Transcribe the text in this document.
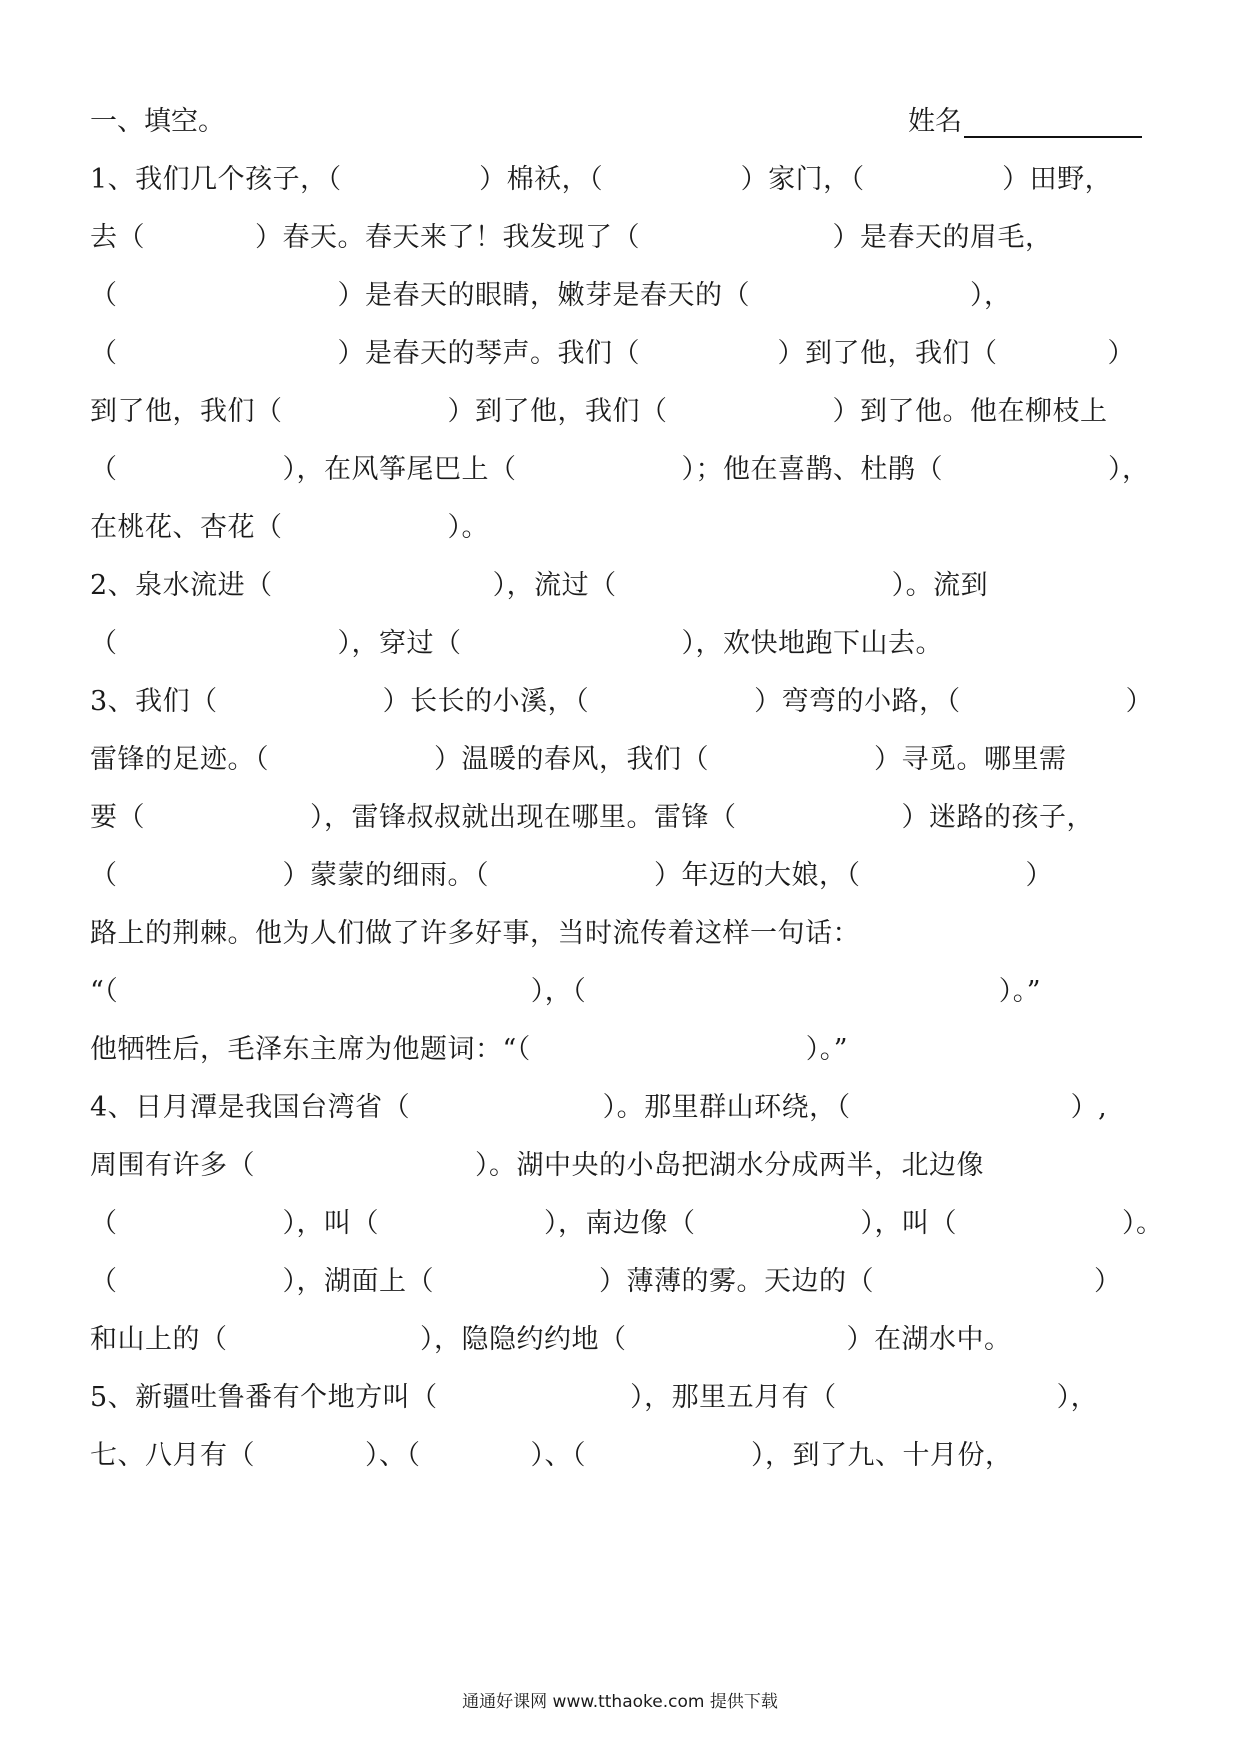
一、填空。	姓名
1、我们几个孩子，（　　　　　）棉袄，（　　　　　）家门，（　　　　　）田野，
去（　　　　）春天。春天来了！我发现了（　　　　　　　）是春天的眉毛，
（　　　　　　　　）是春天的眼睛，嫩芽是春天的（　　　　　　　　），
（　　　　　　　　）是春天的琴声。我们（　　　　　）到了他，我们（　　　　）
到了他，我们（　　　　　　）到了他，我们（　　　　　　）到了他。他在柳枝上
（　　　　　　），在风筝尾巴上（　　　　　　）；他在喜鹊、杜鹃（　　　　　　），
在桃花、杏花（　　　　　　）。
2、泉水流进（　　　　　　　　），流过（　　　　　　　　　　）。流到
（　　　　　　　　），穿过（　　　　　　　　），欢快地跑下山去。
3、我们（　　　　　　）长长的小溪，（　　　　　　）弯弯的小路，（　　　　　　）
雷锋的足迹。（　　　　　　）温暖的春风，我们（　　　　　　）寻觅。哪里需
要（　　　　　　），雷锋叔叔就出现在哪里。雷锋（　　　　　　）迷路的孩子，
（　　　　　　）蒙蒙的细雨。（　　　　　　）年迈的大娘，（　　　　　　）
路上的荆棘。他为人们做了许多好事，当时流传着这样一句话：
“（　　　　　　　　　　　　　　　），（　　　　　　　　　　　　　　　）。”
他牺牲后，毛泽东主席为他题词：“（　　　　　　　　　　）。”
4、日月潭是我国台湾省（　　　　　　　）。那里群山环绕，（　　　　　　　　）,
周围有许多（　　　　　　　　）。湖中央的小岛把湖水分成两半，北边像
（　　　　　　），叫（　　　　　　），南边像（　　　　　　），叫（　　　　　　）。
（　　　　　　），湖面上（　　　　　　）薄薄的雾。天边的（　　　　　　　　）
和山上的（　　　　　　　），隐隐约约地（　　　　　　　　）在湖水中。
5、新疆吐鲁番有个地方叫（　　　　　　　），那里五月有（　　　　　　　　），
七、八月有（　　　　）、（　　　　）、（　　　　　　），到了九、十月份，
通通好课网 www.tthaoke.com 提供下载
